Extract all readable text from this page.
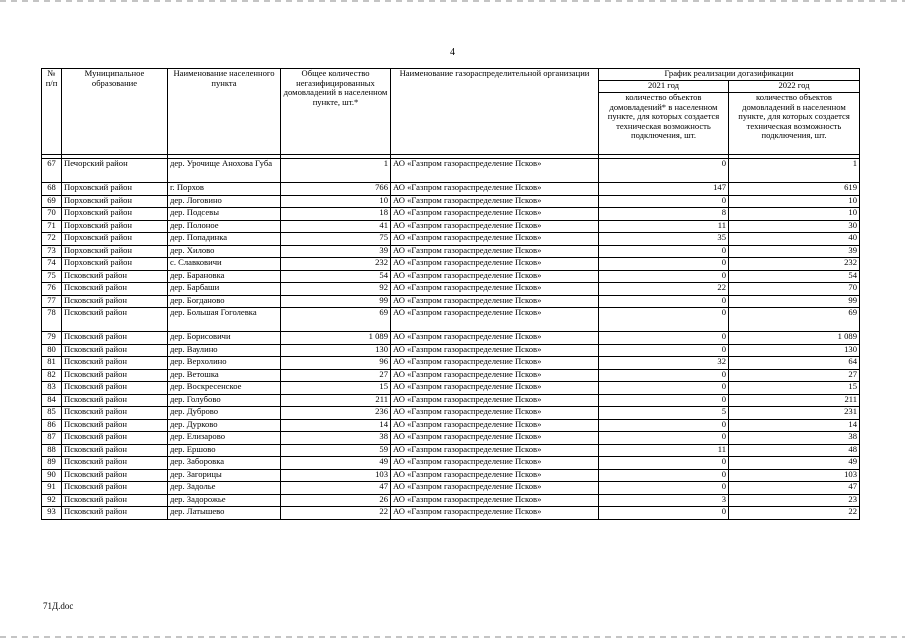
4
№ п/п	Муниципальное образование	Наименование населенного пункта	Общее количество негазифицированных домовладений в населенном пункте, шт.*	Наименование газораспределительной организации	График реализации догазификации	
					2021 год	2022 год
					количество объектов домовладений* в населенном пункте, для которых создается техническая возможность подключения, шт.	количество объектов домовладений в населенном пункте, для которых создается техническая возможность подключения, шт.

67	Печорский район	дер. Урочище Анохова Губа	1	АО «Газпром газораспределение Псков»	0	1
68	Порховский район	г. Порхов	766	АО «Газпром газораспределение Псков»	147	619
69	Порховский район	дер. Логовино	10	АО «Газпром газораспределение Псков»	0	10
70	Порховский район	дер. Подсевы	18	АО «Газпром газораспределение Псков»	8	10
71	Порховский район	дер. Полоное	41	АО «Газпром газораспределение Псков»	11	30
72	Порховский район	дер. Попадинка	75	АО «Газпром газораспределение Псков»	35	40
73	Порховский район	дер. Хилово	39	АО «Газпром газораспределение Псков»	0	39
74	Порховский район	с. Славковичи	232	АО «Газпром газораспределение Псков»	0	232
75	Псковский район	дер. Барановка	54	АО «Газпром газораспределение Псков»	0	54
76	Псковский район	дер. Барбаши	92	АО «Газпром газораспределение Псков»	22	70
77	Псковский район	дер. Богданово	99	АО «Газпром газораспределение Псков»	0	99
78	Псковский район	дер. Большая Гоголевка	69	АО «Газпром газораспределение Псков»	0	69
79	Псковский район	дер. Борисовичи	1 089	АО «Газпром газораспределение Псков»	0	1 089
80	Псковский район	дер. Ваулино	130	АО «Газпром газораспределение Псков»	0	130
81	Псковский район	дер. Верхолино	96	АО «Газпром газораспределение Псков»	32	64
82	Псковский район	дер. Ветошка	27	АО «Газпром газораспределение Псков»	0	27
83	Псковский район	дер. Воскресенское	15	АО «Газпром газораспределение Псков»	0	15
84	Псковский район	дер. Голубово	211	АО «Газпром газораспределение Псков»	0	211
85	Псковский район	дер. Дуброво	236	АО «Газпром газораспределение Псков»	5	231
86	Псковский район	дер. Дурково	14	АО «Газпром газораспределение Псков»	0	14
87	Псковский район	дер. Елизарово	38	АО «Газпром газораспределение Псков»	0	38
88	Псковский район	дер. Ершово	59	АО «Газпром газораспределение Псков»	11	48
89	Псковский район	дер. Заборовка	49	АО «Газпром газораспределение Псков»	0	49
90	Псковский район	дер. Загорицы	103	АО «Газпром газораспределение Псков»	0	103
91	Псковский район	дер. Задолье	47	АО «Газпром газораспределение Псков»	0	47
92	Псковский район	дер. Задорожье	26	АО «Газпром газораспределение Псков»	3	23
93	Псковский район	дер. Латышево	22	АО «Газпром газораспределение Псков»	0	22
71Д.doc
